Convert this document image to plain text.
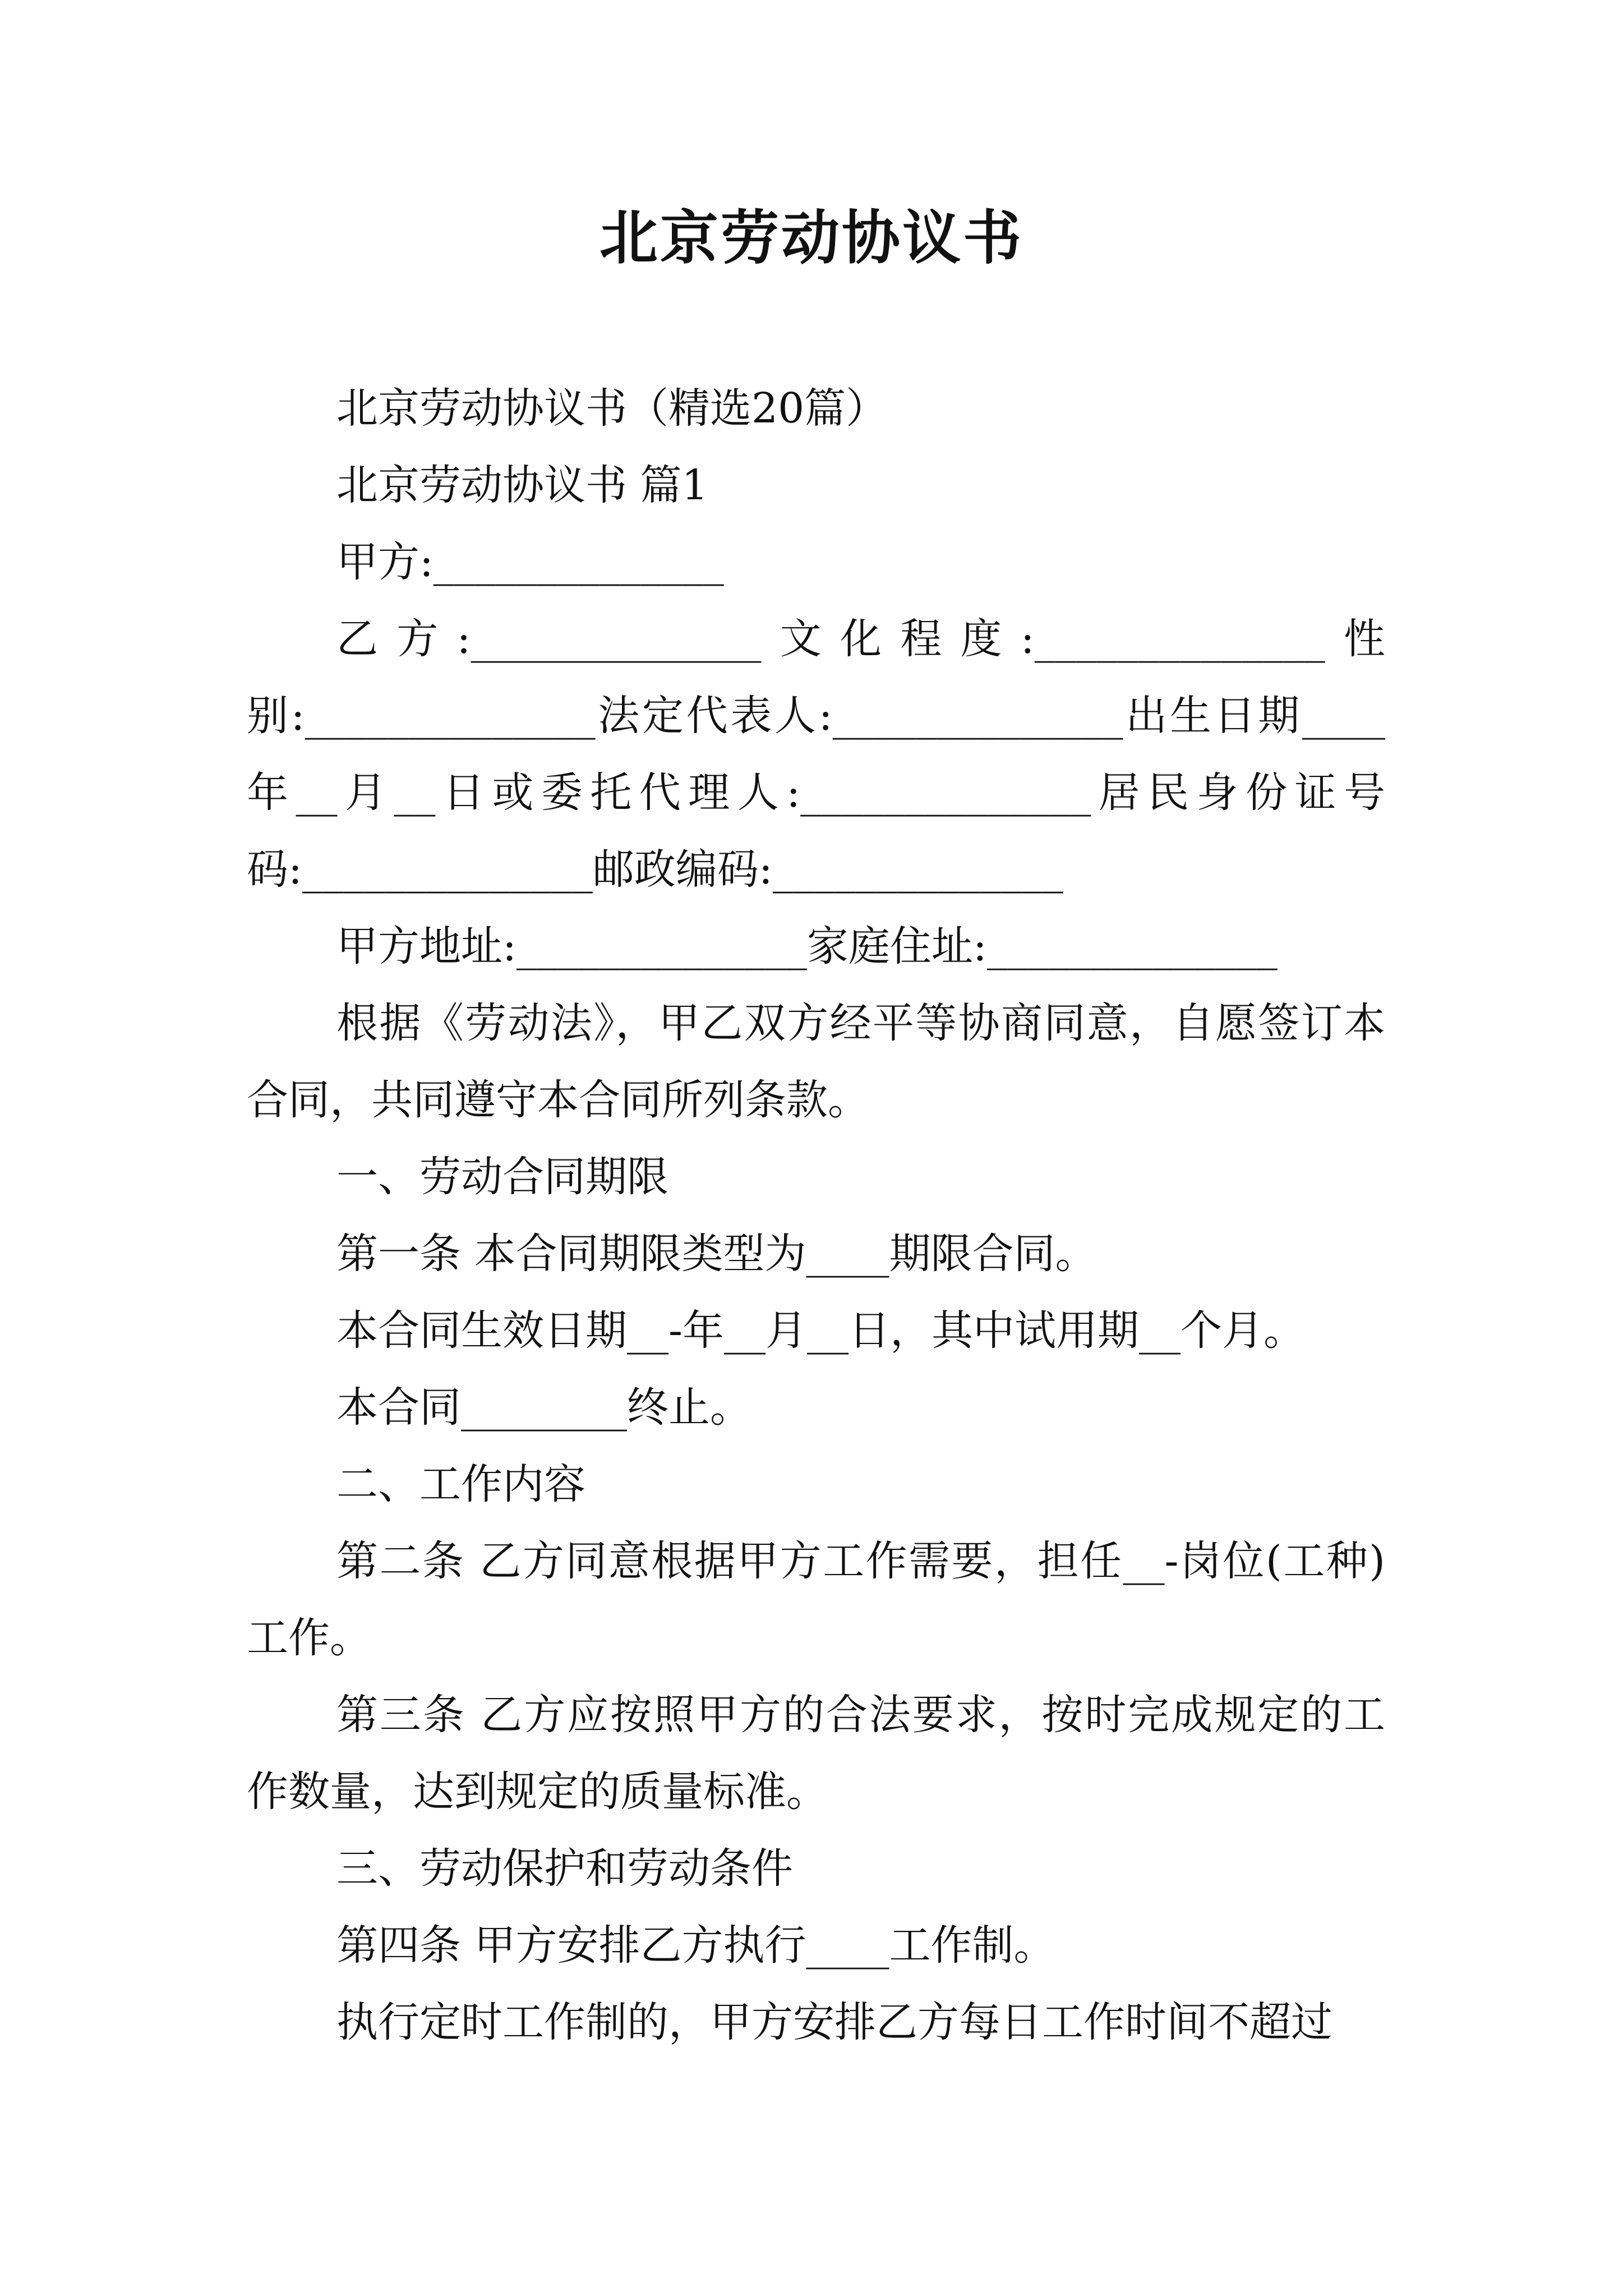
北京劳动协议书

北京劳动协议书（精选20篇）

北京劳动协议书 篇1

甲方:______________

乙方:______________文化程度:______________性别:______________法定代表人:______________出生日期____年__月__日或委托代理人:______________居民身份证号码:______________邮政编码:______________

甲方地址:______________家庭住址:______________

根据《劳动法》，甲乙双方经平等协商同意，自愿签订本合同，共同遵守本合同所列条款。

一、劳动合同期限

第一条 本合同期限类型为____期限合同。

本合同生效日期__-年__月__日，其中试用期__个月。

本合同________终止。

二、工作内容

第二条 乙方同意根据甲方工作需要，担任__-岗位(工种)工作。

第三条 乙方应按照甲方的合法要求，按时完成规定的工作数量，达到规定的质量标准。

三、劳动保护和劳动条件

第四条 甲方安排乙方执行____工作制。

执行定时工作制的，甲方安排乙方每日工作时间不超过
